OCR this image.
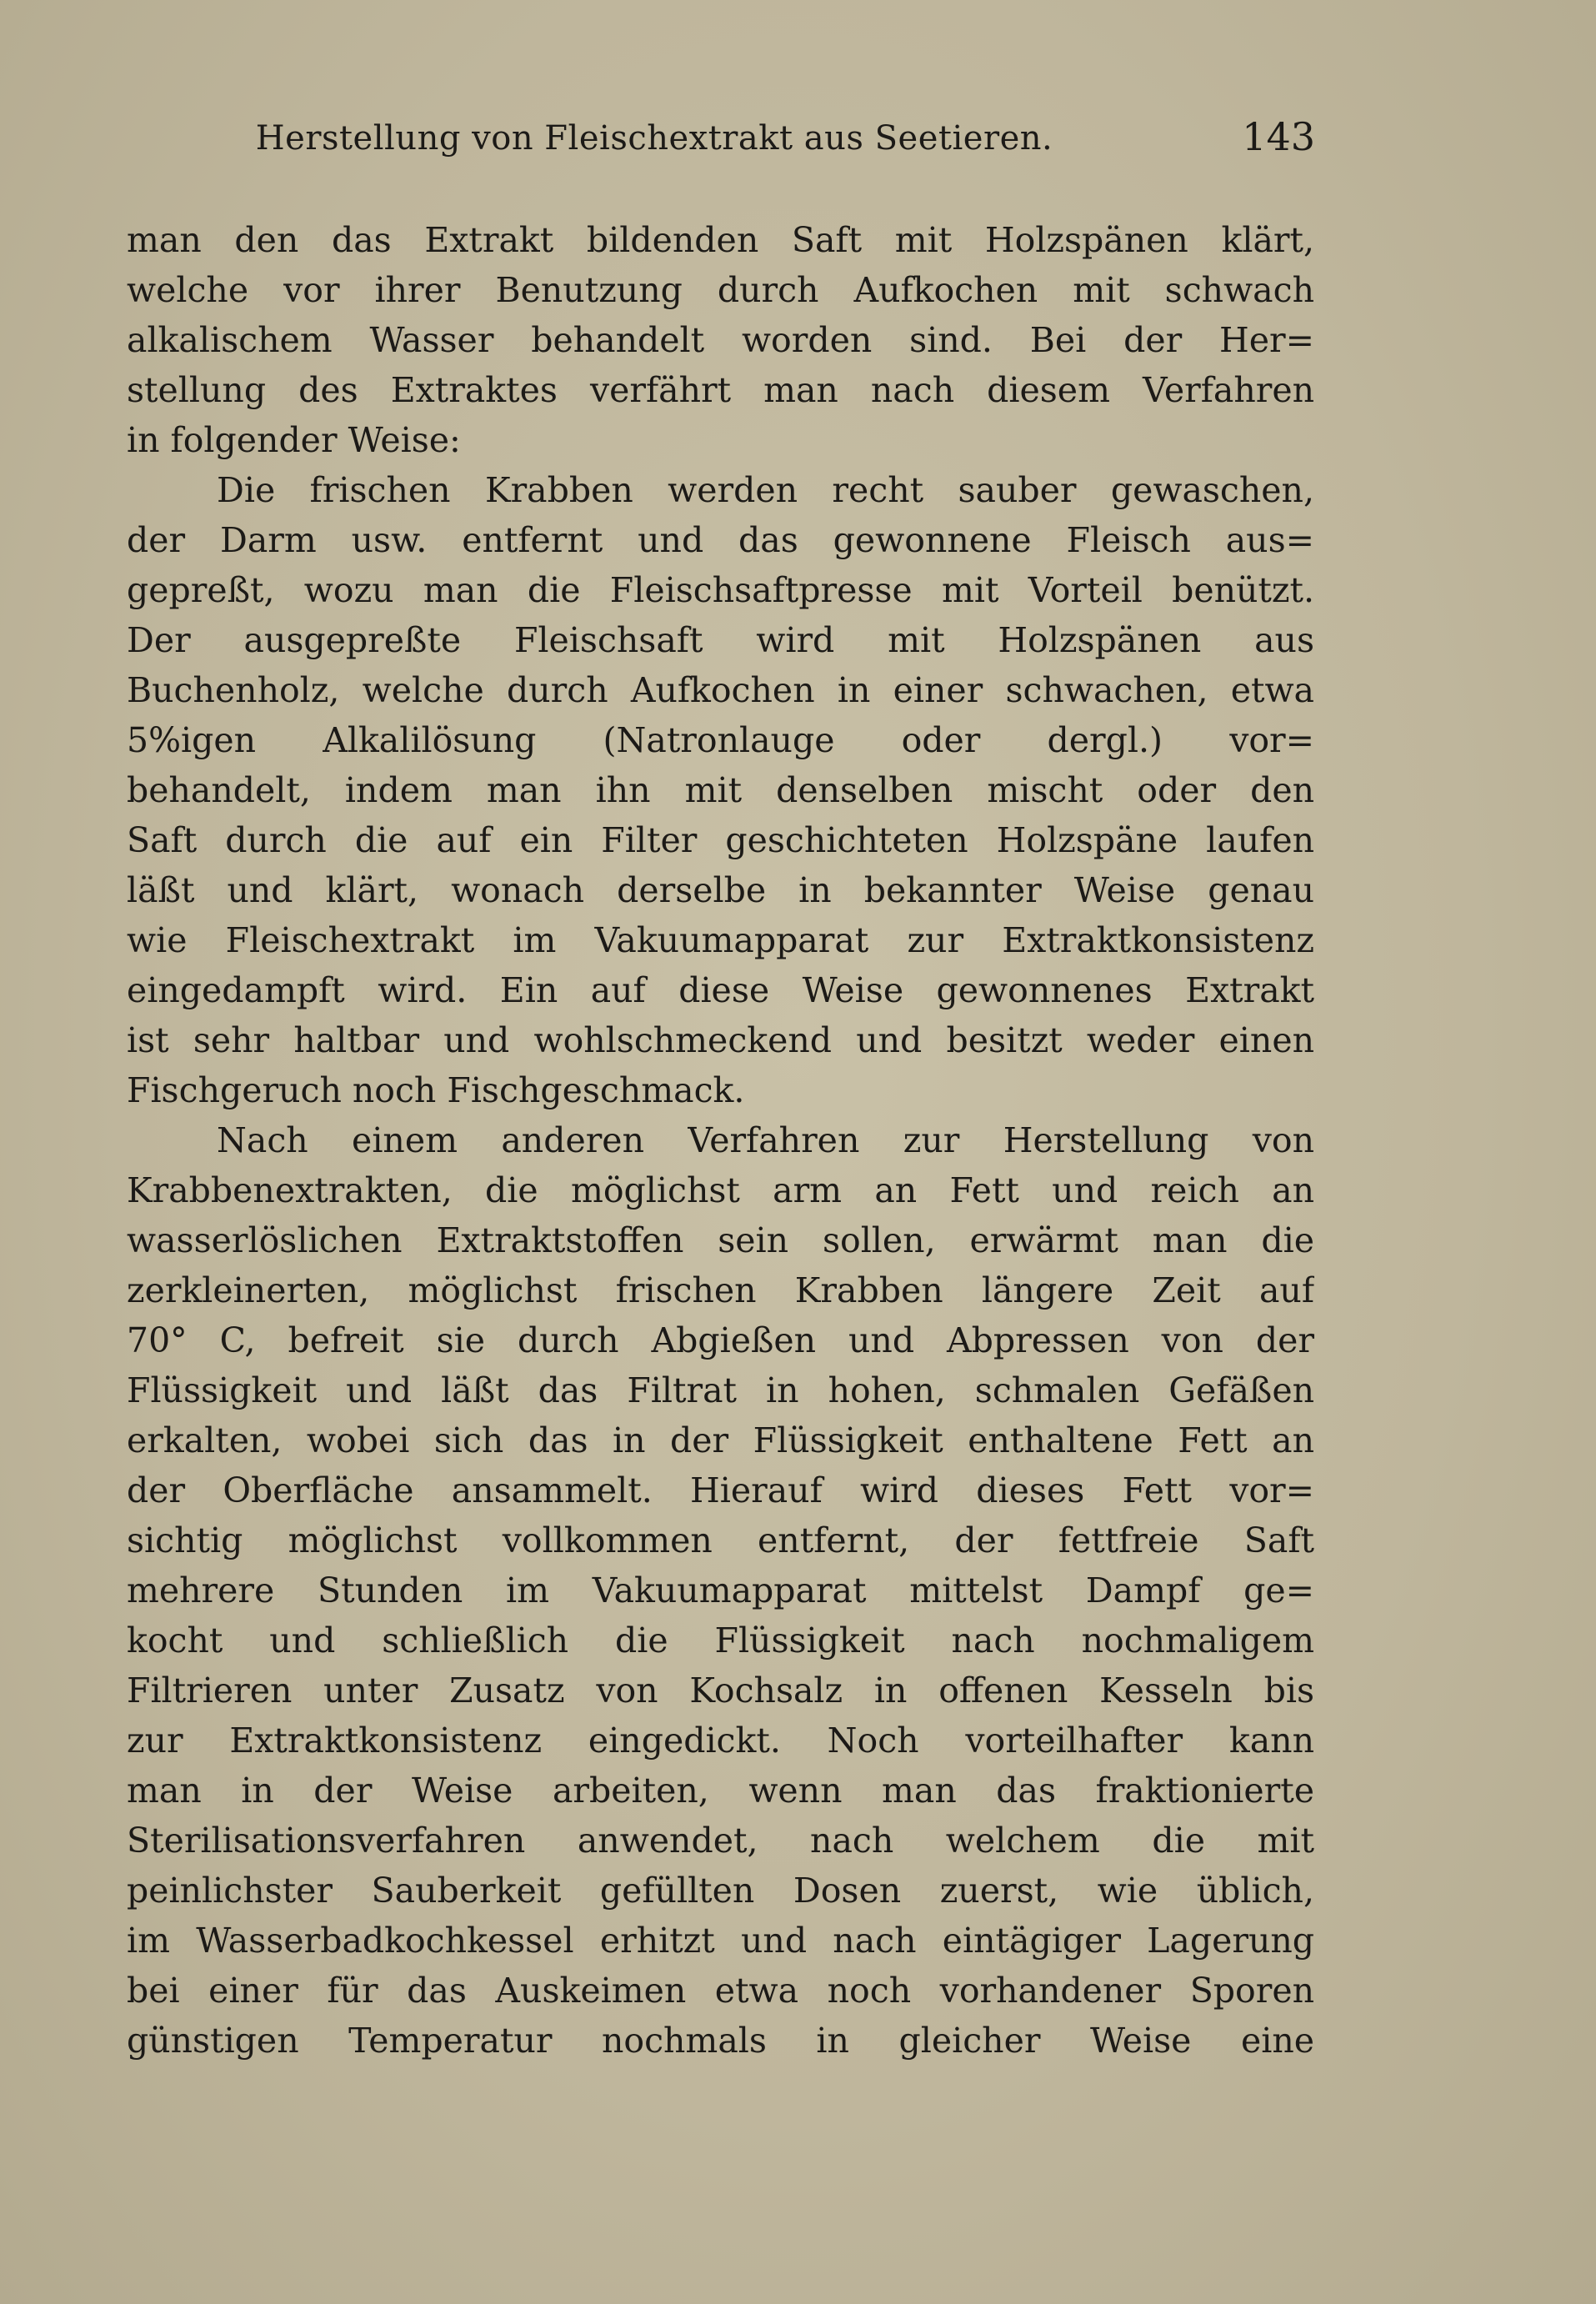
Herstellung von Fleischextrakt aus Seetieren.	143
man den das Extrakt bildenden Saft mit Holzspänen klärt,
welche vor ihrer Benutzung durch Aufkochen mit schwach
alkalischem Wasser behandelt worden sind. Bei der Her=
stellung des Extraktes verfährt man nach diesem Verfahren
in folgender Weise:
Die frischen Krabben werden recht sauber gewaschen,
der Darm usw. entfernt und das gewonnene Fleisch aus=
gepreßt, wozu man die Fleischsaftpresse mit Vorteil benützt.
Der ausgepreßte Fleischsaft wird mit Holzspänen aus
Buchenholz, welche durch Aufkochen in einer schwachen, etwa
5%igen Alkalilösung (Natronlauge oder dergl.) vor=
behandelt, indem man ihn mit denselben mischt oder den
Saft durch die auf ein Filter geschichteten Holzspäne laufen
läßt und klärt, wonach derselbe in bekannter Weise genau
wie Fleischextrakt im Vakuumapparat zur Extraktkonsistenz
eingedampft wird. Ein auf diese Weise gewonnenes Extrakt
ist sehr haltbar und wohlschmeckend und besitzt weder einen
Fischgeruch noch Fischgeschmack.
Nach einem anderen Verfahren zur Herstellung von
Krabbenextrakten, die möglichst arm an Fett und reich an
wasserlöslichen Extraktstoffen sein sollen, erwärmt man die
zerkleinerten, möglichst frischen Krabben längere Zeit auf
70° C, befreit sie durch Abgießen und Abpressen von der
Flüssigkeit und läßt das Filtrat in hohen, schmalen Gefäßen
erkalten, wobei sich das in der Flüssigkeit enthaltene Fett an
der Oberfläche ansammelt. Hierauf wird dieses Fett vor=
sichtig möglichst vollkommen entfernt, der fettfreie Saft
mehrere Stunden im Vakuumapparat mittelst Dampf ge=
kocht und schließlich die Flüssigkeit nach nochmaligem
Filtrieren unter Zusatz von Kochsalz in offenen Kesseln bis
zur Extraktkonsistenz eingedickt. Noch vorteilhafter kann
man in der Weise arbeiten, wenn man das fraktionierte
Sterilisationsverfahren anwendet, nach welchem die mit
peinlichster Sauberkeit gefüllten Dosen zuerst, wie üblich,
im Wasserbadkochkessel erhitzt und nach eintägiger Lagerung
bei einer für das Auskeimen etwa noch vorhandener Sporen
günstigen Temperatur nochmals in gleicher Weise eine
